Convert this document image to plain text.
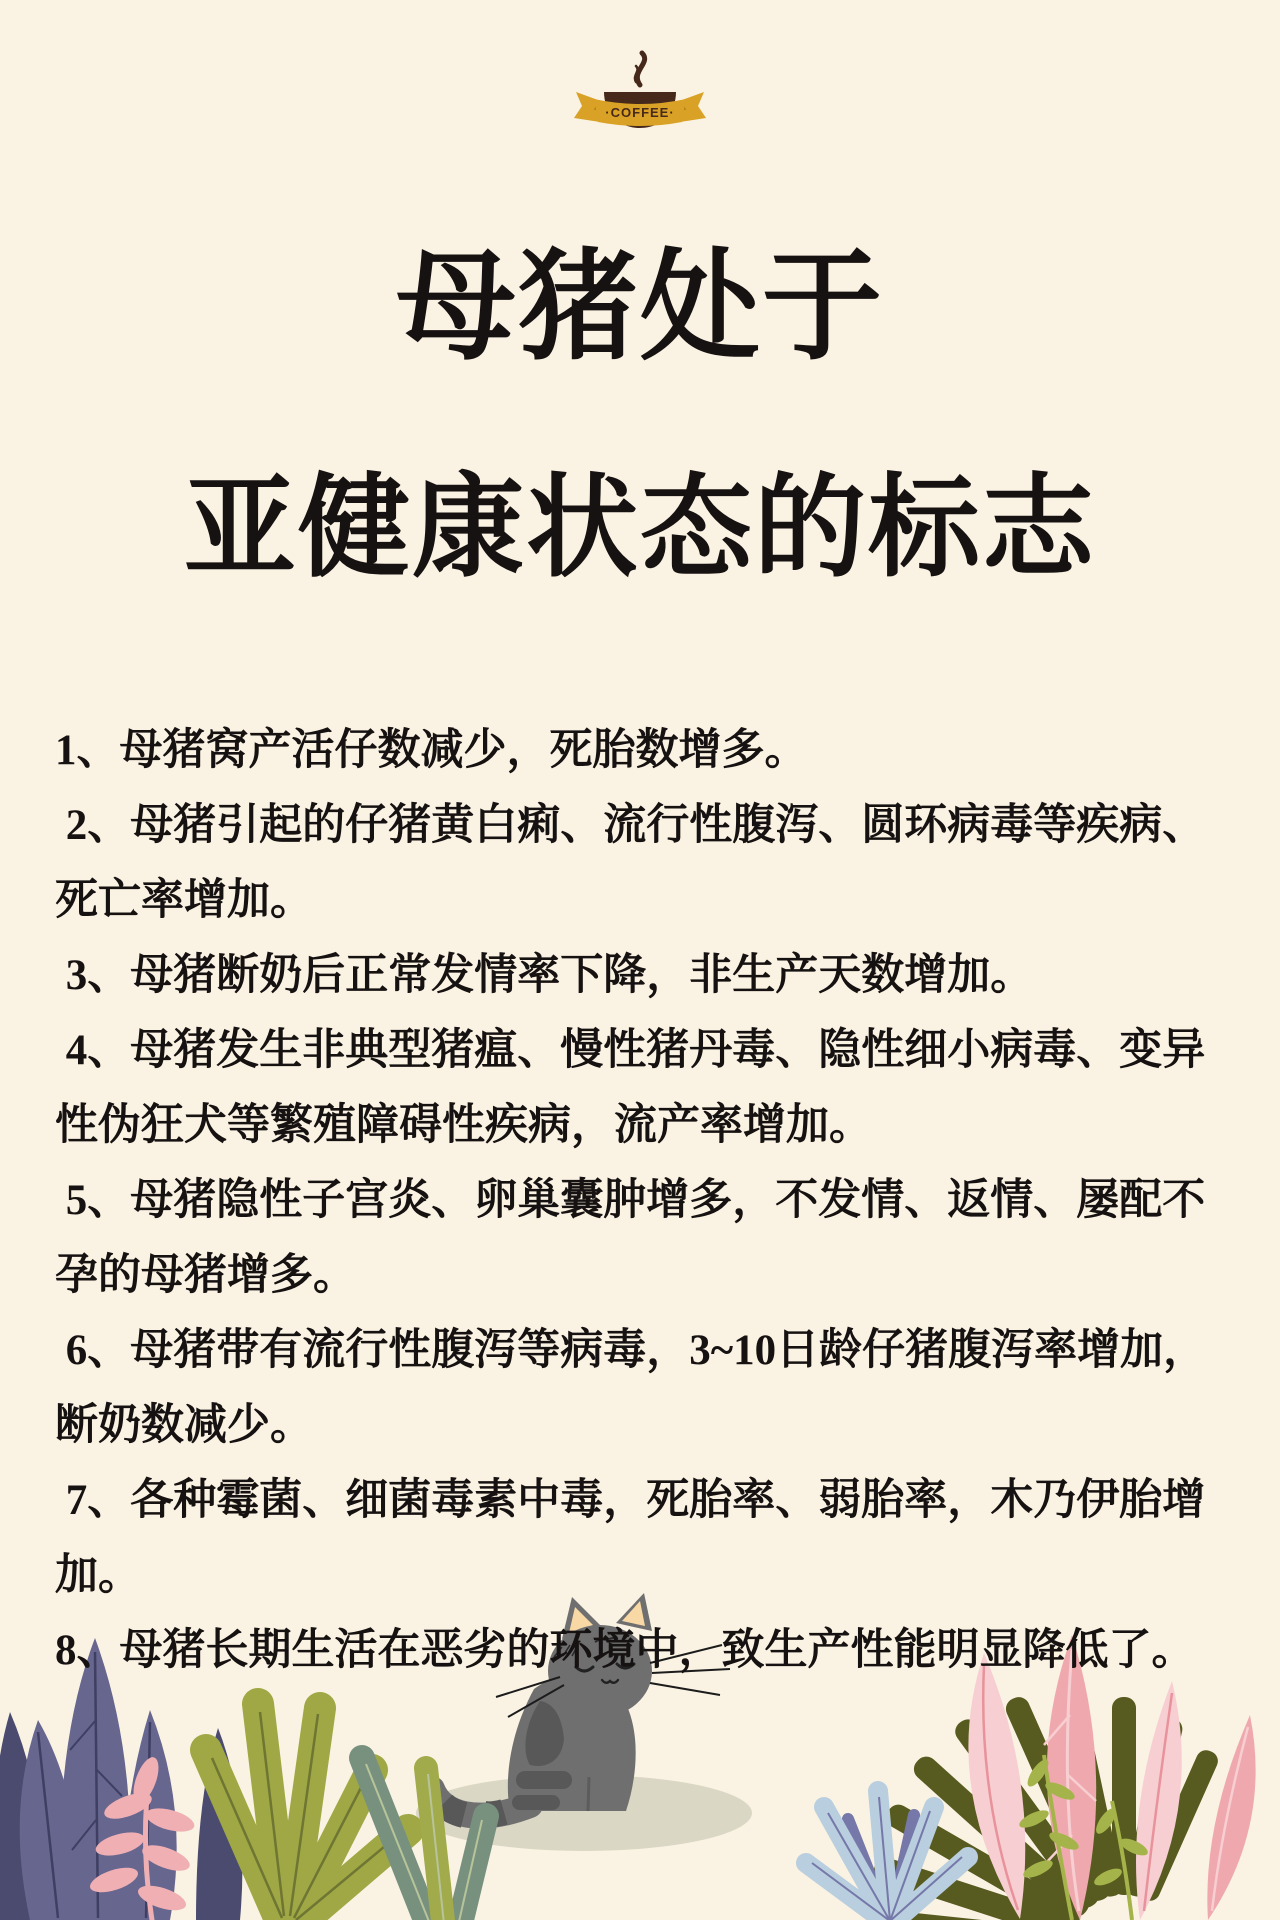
·COFFEE·
母猪处于
亚健康状态的标志

1、母猪窝产活仔数减少，死胎数增多。

2、母猪引起的仔猪黄白痢、流行性腹泻、圆环病毒等疾病、
死亡率增加。

3、母猪断奶后正常发情率下降，非生产天数增加。

4、母猪发生非典型猪瘟、慢性猪丹毒、隐性细小病毒、变异
性伪狂犬等繁殖障碍性疾病，流产率增加。

5、母猪隐性子宫炎、卵巢囊肿增多，不发情、返情、屡配不
孕的母猪增多。

6、母猪带有流行性腹泻等病毒，3~10日龄仔猪腹泻率增加，
断奶数减少。

7、各种霉菌、细菌毒素中毒，死胎率、弱胎率，木乃伊胎增
加。

8、母猪长期生活在恶劣的环境中，致生产性能明显降低了。
